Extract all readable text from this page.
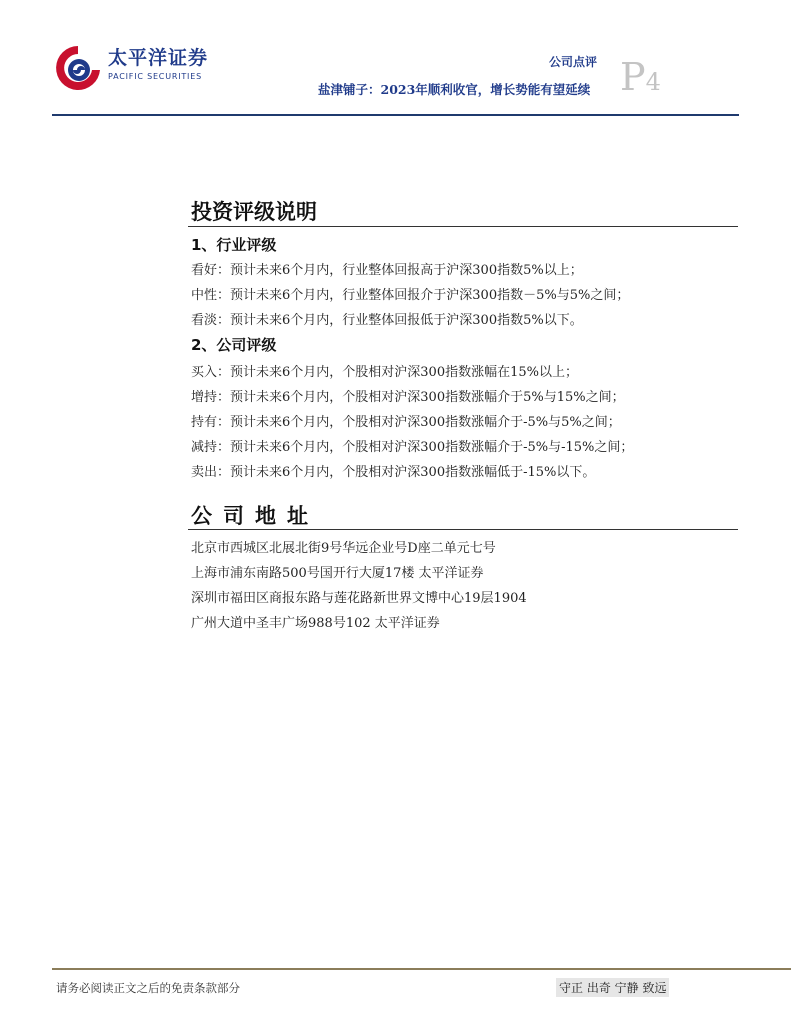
太平洋证券
PACIFIC SECURITIES
公司点评
盐津铺子：2023年顺利收官，增长势能有望延续 P4
投资评级说明
1、行业评级
看好：预计未来6个月内，行业整体回报高于沪深300指数5%以上；
中性：预计未来6个月内，行业整体回报介于沪深300指数－5%与5%之间；
看淡：预计未来6个月内，行业整体回报低于沪深300指数5%以下。
2、公司评级
买入：预计未来6个月内，个股相对沪深300指数涨幅在15%以上；
增持：预计未来6个月内，个股相对沪深300指数涨幅介于5%与15%之间；
持有：预计未来6个月内，个股相对沪深300指数涨幅介于-5%与5%之间；
减持：预计未来6个月内，个股相对沪深300指数涨幅介于-5%与-15%之间；
卖出：预计未来6个月内，个股相对沪深300指数涨幅低于-15%以下。
公司地址
北京市西城区北展北街9号华远企业号D座二单元七号
上海市浦东南路500号国开行大厦17楼 太平洋证券
深圳市福田区商报东路与莲花路新世界文博中心19层1904
广州大道中圣丰广场988号102 太平洋证券
请务必阅读正文之后的免责条款部分	守正 出奇 宁静 致远
